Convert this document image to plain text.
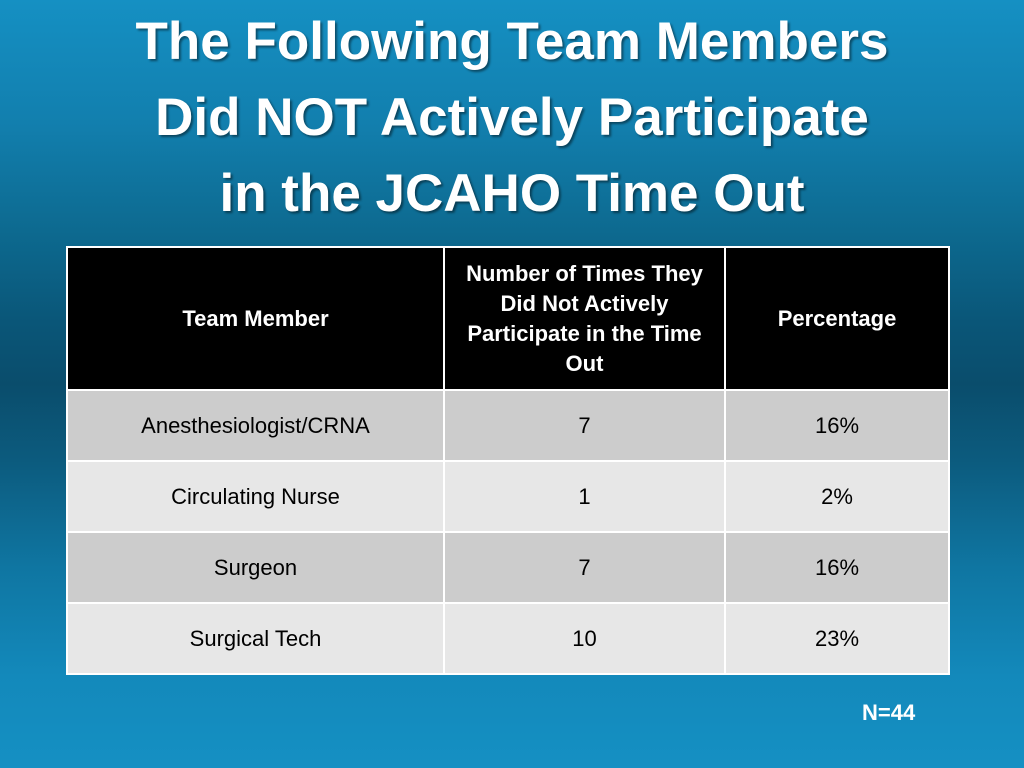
The Following Team Members
Did NOT Actively Participate
in the JCAHO Time Out
Team Member	Number of Times They Did Not Actively Participate in the Time Out	Percentage
Anesthesiologist/CRNA	7	16%
Circulating Nurse	1	2%
Surgeon	7	16%
Surgical Tech	10	23%
N=44
